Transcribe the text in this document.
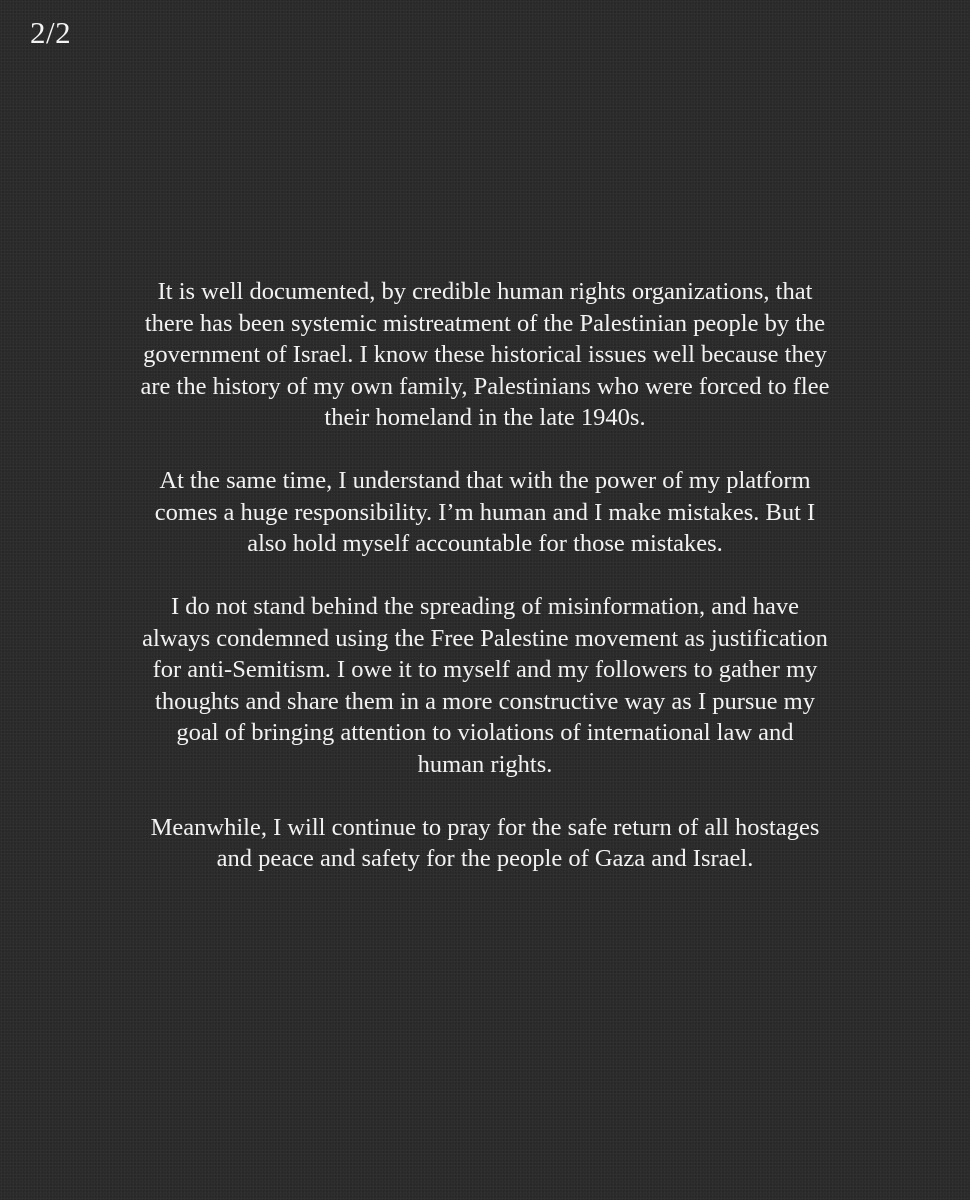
2/2

It is well documented, by credible human rights organizations, that
there has been systemic mistreatment of the Palestinian people by the
government of Israel. I know these historical issues well because they
are the history of my own family, Palestinians who were forced to flee
their homeland in the late 1940s.

At the same time, I understand that with the power of my platform
comes a huge responsibility. I’m human and I make mistakes. But I
also hold myself accountable for those mistakes.

I do not stand behind the spreading of misinformation, and have
always condemned using the Free Palestine movement as justification
for anti-Semitism. I owe it to myself and my followers to gather my
thoughts and share them in a more constructive way as I pursue my
goal of bringing attention to violations of international law and
human rights.

Meanwhile, I will continue to pray for the safe return of all hostages
and peace and safety for the people of Gaza and Israel.
